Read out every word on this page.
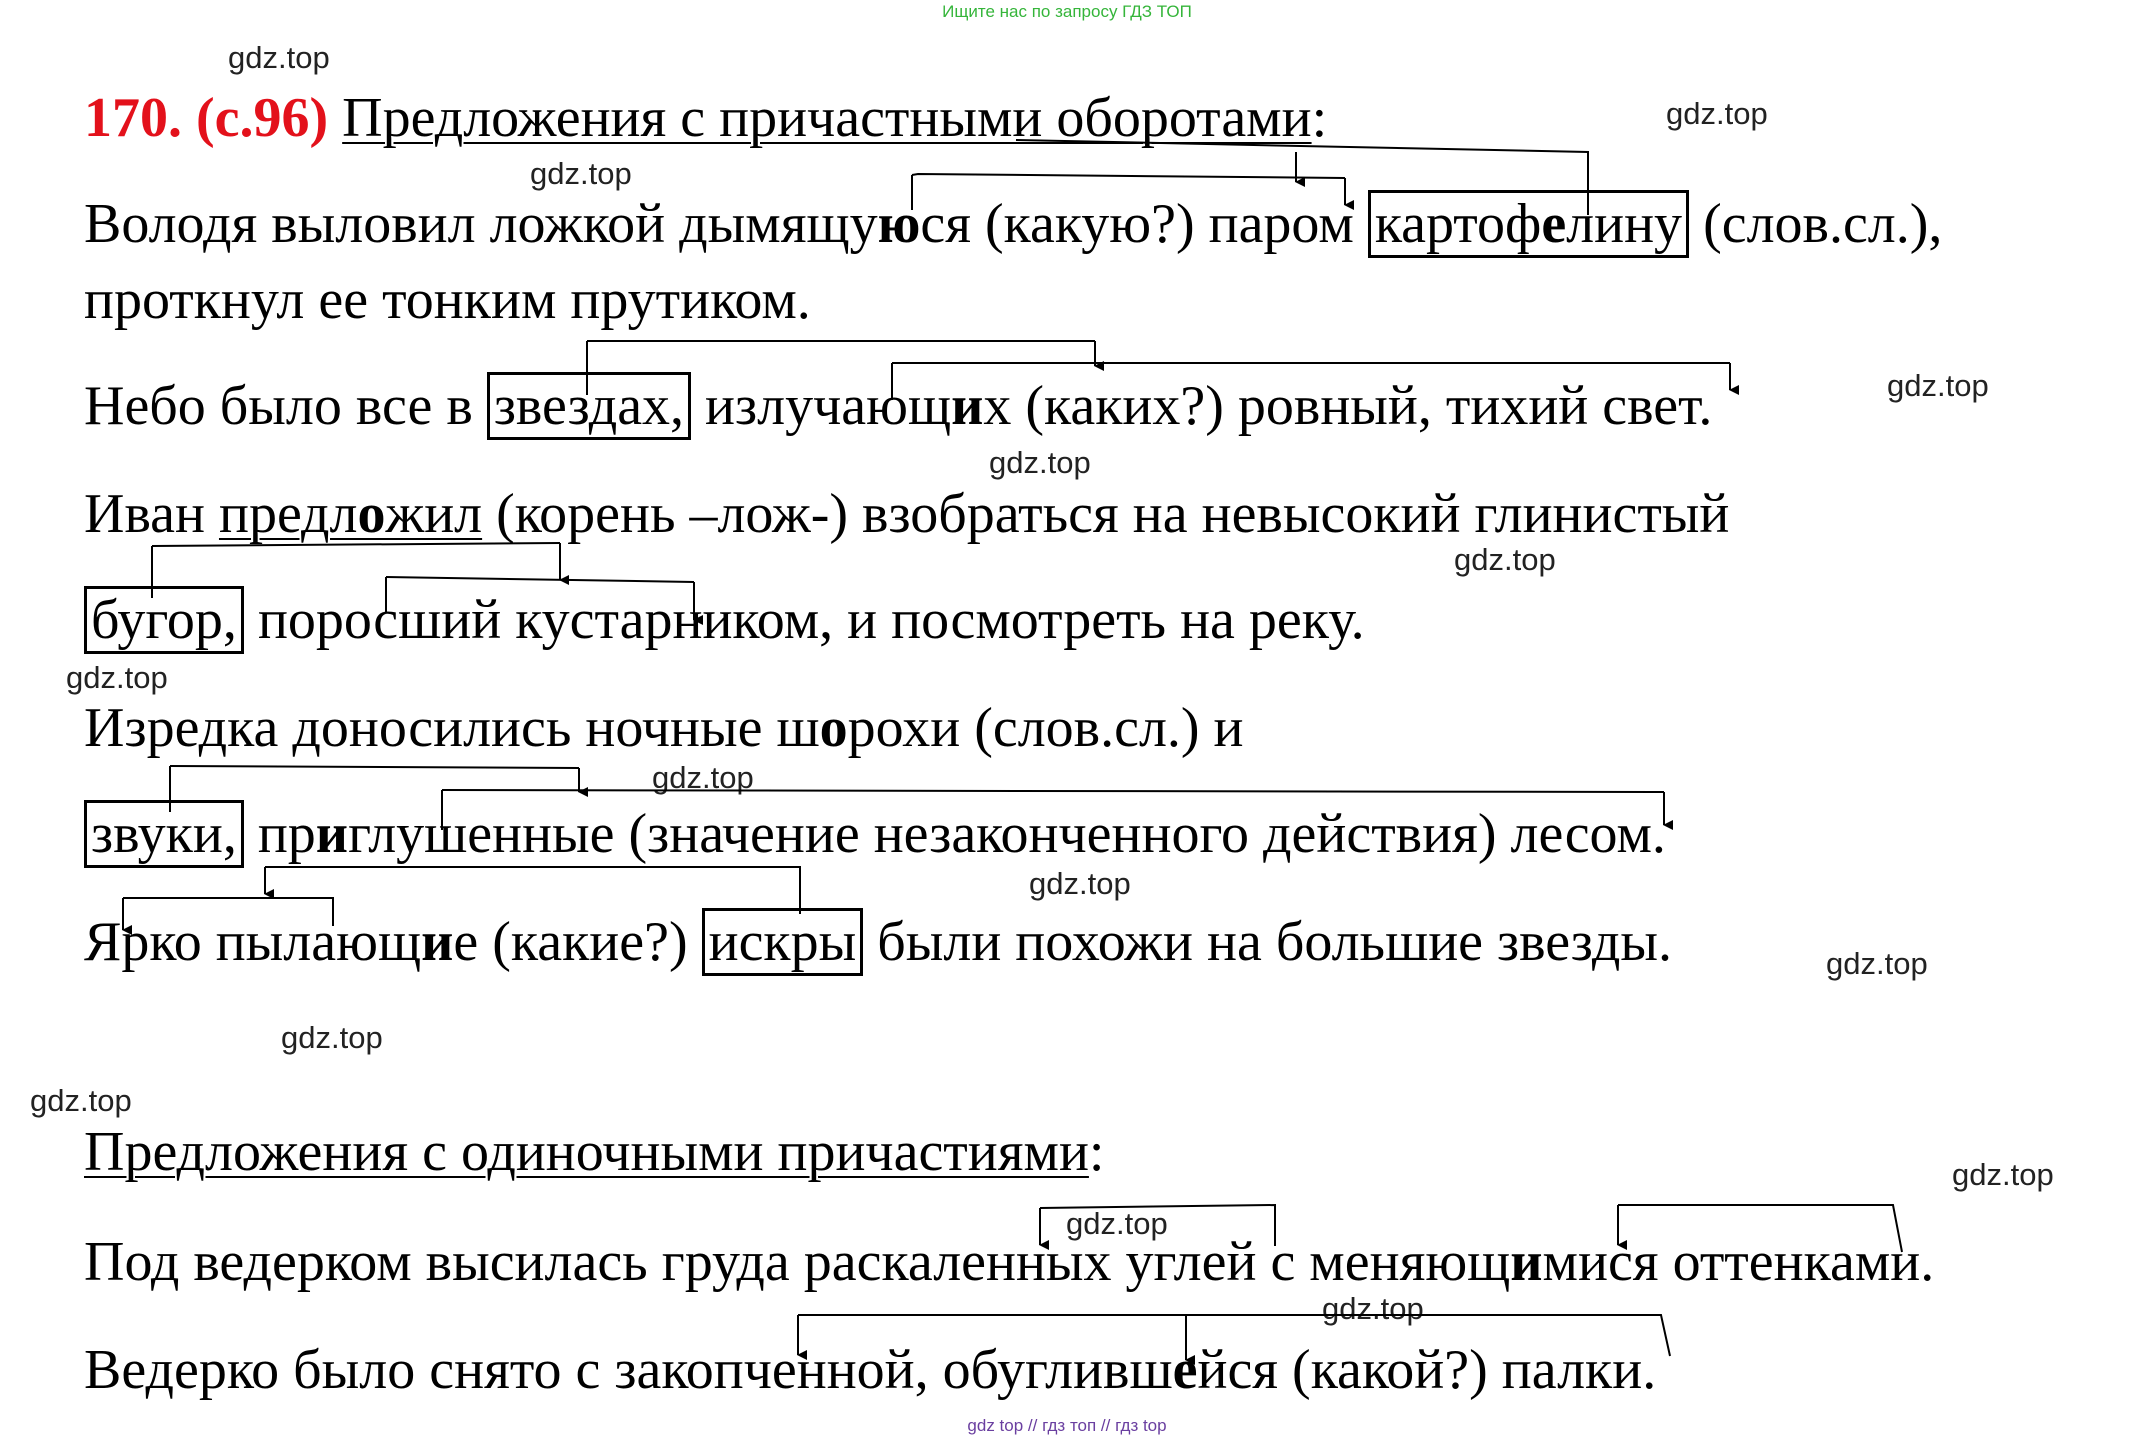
Ищите нас по запросу ГДЗ ТОП
gdz.top
gdz.top
gdz.top
gdz.top
gdz.top
gdz.top
gdz.top
gdz.top
gdz.top
gdz.top
gdz.top
gdz.top
gdz.top
gdz.top
gdz.top
170. (с.96) Предложения с причастными оборотами:
Володя выловил ложкой дымящуюся (какую?) паром картофелину (слов.сл.),
проткнул ее тонким прутиком.
Небо было все в звездах, излучающих (каких?) ровный, тихий свет.
Иван предложил (корень –лож-) взобраться на невысокий глинистый
бугор, поросший кустарником, и посмотреть на реку.
Изредка доносились ночные шорохи (слов.сл.) и
звуки, приглушенные (значение незаконченного действия) лесом.
Ярко пылающие (какие?) искры были похожи на большие звезды.
Предложения с одиночными причастиями:
Под ведерком высилась груда раскаленных углей с меняющимися оттенками.
Ведерко было снято с закопченной, обуглившейся (какой?) палки.
gdz top // гдз топ // гдз top
